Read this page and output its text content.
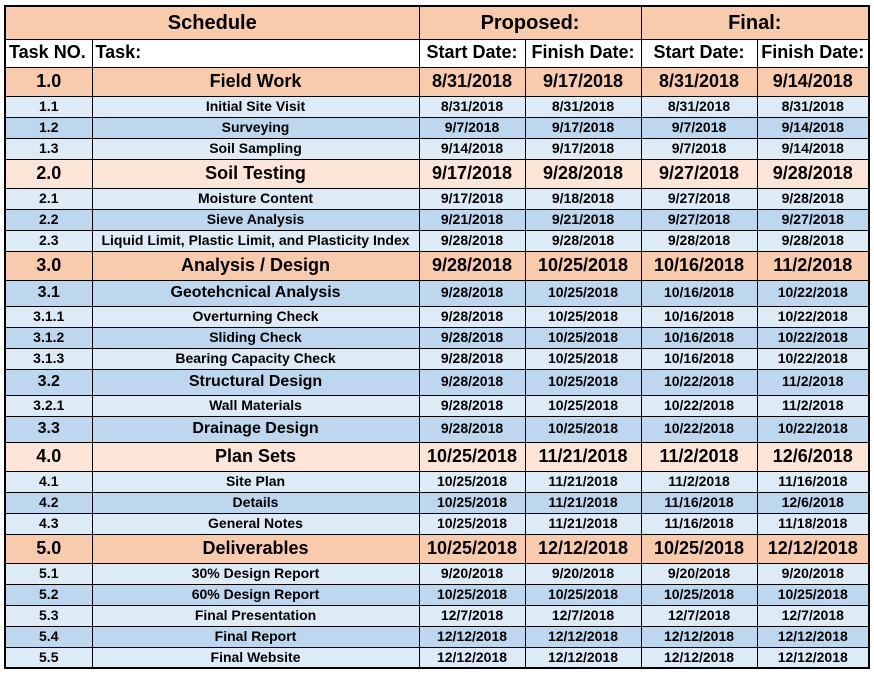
Schedule		Proposed:		Final:	
Task NO.	Task:	Start Date:	Finish Date:	Start Date:	Finish Date:
1.0	Field Work	8/31/2018	9/17/2018	8/31/2018	9/14/2018
1.1	Initial Site Visit	8/31/2018	8/31/2018	8/31/2018	8/31/2018
1.2	Surveying	9/7/2018	9/17/2018	9/7/2018	9/14/2018
1.3	Soil Sampling	9/14/2018	9/17/2018	9/7/2018	9/14/2018
2.0	Soil Testing	9/17/2018	9/28/2018	9/27/2018	9/28/2018
2.1	Moisture Content	9/17/2018	9/18/2018	9/27/2018	9/28/2018
2.2	Sieve Analysis	9/21/2018	9/21/2018	9/27/2018	9/27/2018
2.3	Liquid Limit, Plastic Limit, and Plasticity Index	9/28/2018	9/28/2018	9/28/2018	9/28/2018
3.0	Analysis / Design	9/28/2018	10/25/2018	10/16/2018	11/2/2018
3.1	Geotehcnical Analysis	9/28/2018	10/25/2018	10/16/2018	10/22/2018
3.1.1	Overturning Check	9/28/2018	10/25/2018	10/16/2018	10/22/2018
3.1.2	Sliding Check	9/28/2018	10/25/2018	10/16/2018	10/22/2018
3.1.3	Bearing Capacity Check	9/28/2018	10/25/2018	10/16/2018	10/22/2018
3.2	Structural Design	9/28/2018	10/25/2018	10/22/2018	11/2/2018
3.2.1	Wall Materials	9/28/2018	10/25/2018	10/22/2018	11/2/2018
3.3	Drainage Design	9/28/2018	10/25/2018	10/22/2018	10/22/2018
4.0	Plan Sets	10/25/2018	11/21/2018	11/2/2018	12/6/2018
4.1	Site Plan	10/25/2018	11/21/2018	11/2/2018	11/16/2018
4.2	Details	10/25/2018	11/21/2018	11/16/2018	12/6/2018
4.3	General Notes	10/25/2018	11/21/2018	11/16/2018	11/18/2018
5.0	Deliverables	10/25/2018	12/12/2018	10/25/2018	12/12/2018
5.1	30% Design Report	9/20/2018	9/20/2018	9/20/2018	9/20/2018
5.2	60% Design Report	10/25/2018	10/25/2018	10/25/2018	10/25/2018
5.3	Final Presentation	12/7/2018	12/7/2018	12/7/2018	12/7/2018
5.4	Final Report	12/12/2018	12/12/2018	12/12/2018	12/12/2018
5.5	Final Website	12/12/2018	12/12/2018	12/12/2018	12/12/2018
